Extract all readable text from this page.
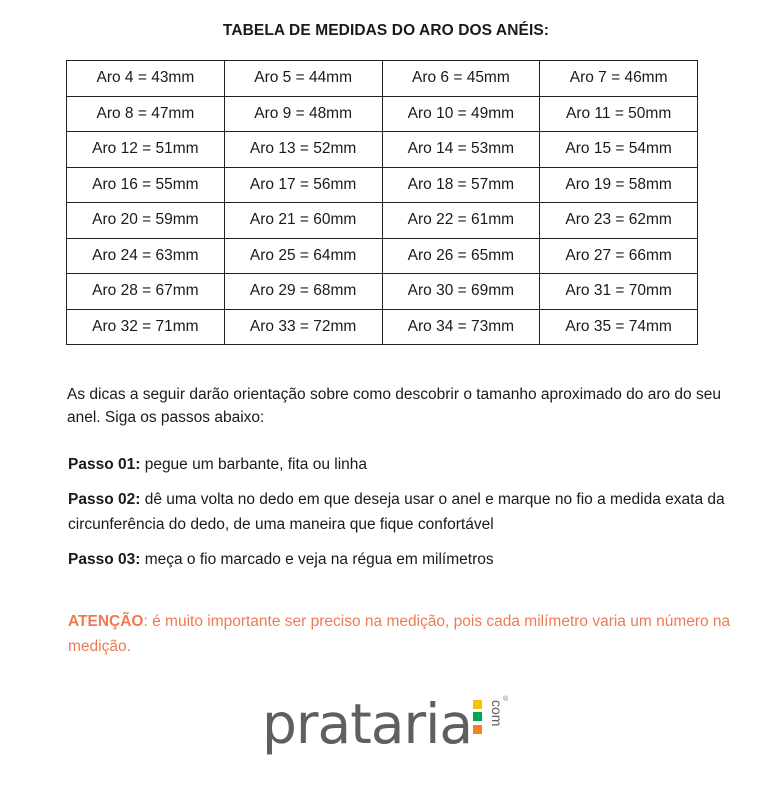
TABELA DE MEDIDAS DO ARO DOS ANÉIS:
Aro 4 = 43mm	Aro 5 = 44mm	Aro 6 = 45mm	Aro 7 = 46mm
Aro 8 = 47mm	Aro 9 = 48mm	Aro 10 = 49mm	Aro 11 = 50mm
Aro 12 = 51mm	Aro 13 = 52mm	Aro 14 = 53mm	Aro 15 = 54mm
Aro 16 = 55mm	Aro 17 = 56mm	Aro 18 = 57mm	Aro 19 = 58mm
Aro 20 = 59mm	Aro 21 = 60mm	Aro 22 = 61mm	Aro 23 = 62mm
Aro 24 = 63mm	Aro 25 = 64mm	Aro 26 = 65mm	Aro 27 = 66mm
Aro 28 = 67mm	Aro 29 = 68mm	Aro 30 = 69mm	Aro 31 = 70mm
Aro 32 = 71mm	Aro 33 = 72mm	Aro 34 = 73mm	Aro 35 = 74mm
As dicas a seguir darão orientação sobre como descobrir o tamanho aproximado do aro do seu anel. Siga os passos abaixo:
Passo 01: pegue um barbante, fita ou linha
Passo 02: dê uma volta no dedo em que deseja usar o anel e marque no fio a medida exata da circunferência do dedo, de uma maneira que fique confortável
Passo 03: meça o fio marcado e veja na régua em milímetros
ATENÇÃO: é muito importante ser preciso na medição, pois cada milímetro varia um número na medição.
prataria com
®
